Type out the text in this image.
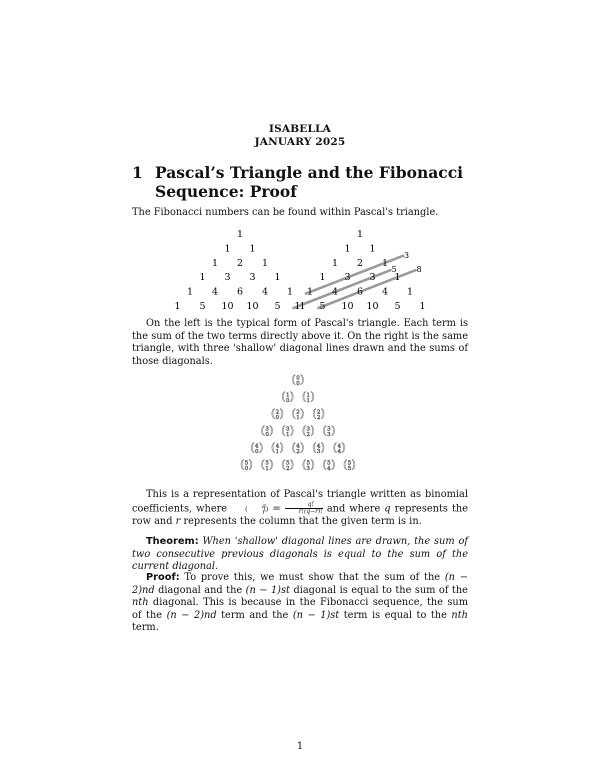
ISABELLA
JANUARY 2025
1 Pascal’s Triangle and the Fibonacci Sequence: Proof
The Fibonacci numbers can be found within Pascal's triangle.
1
1 1
1 2 1
1 3 3 1
1 4 6 4 1
1 5 10 10 5 1
1
1 1
1 2 1
1 3 3 1
1 4 6 4 1
1 5 10 10 5 1
3
5 8
On the left is the typical form of Pascal's triangle. Each term is the sum of the two terms directly above it. On the right is the same triangle, with three 'shallow' diagonal lines drawn and the sums of those diagonals.
( 0
0 )
( 1
0 ) ( 1
1 )
( 2
0 ) ( 2
1 ) ( 2
2 )
( 3
0 ) ( 3
1 ) ( 3
2 ) ( 3
3 )
( 4
0 ) ( 4
1 ) ( 4
2 ) ( 4
3 ) ( 4
4 )
( 5
0 ) ( 5
1 ) ( 5
2 ) ( 5
3 ) ( 5
4 ) ( 5
5 )
This is a representation of Pascal's triangle written as binomial coefficients, where	(	q
r ) = $\frac{q!}{r!(q-r)!}$ and where q represents the row and r represents the column that the given term is in.
Theorem: When 'shallow' diagonal lines are drawn, the sum of two consecutive previous diagonals is equal to the sum of the current diagonal.
Proof: To prove this, we must show that the sum of the (n − 2)nd diagonal and the (n − 1)st diagonal is equal to the sum of the nth diagonal. This is because in the Fibonacci sequence, the sum of the (n − 2)nd term and the (n − 1)st term is equal to the nth term.
1
